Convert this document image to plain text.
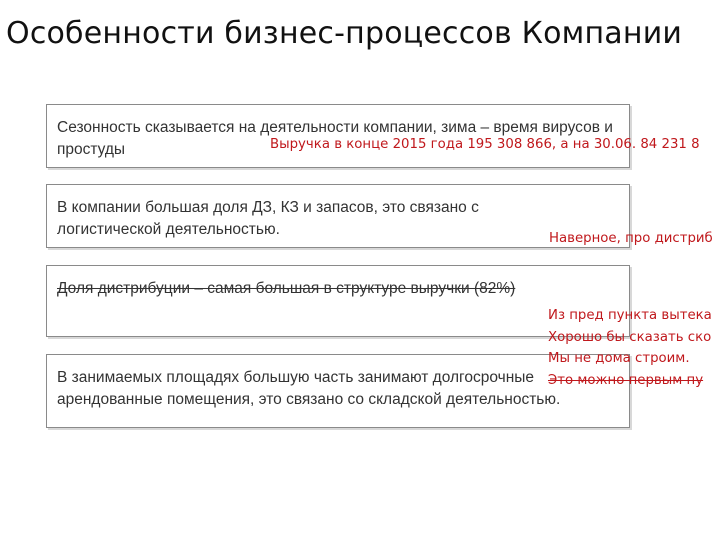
Особенности бизнес-процессов Компании
Сезонность сказывается на деятельности компании, зима – время вирусов и простуды
В компании большая доля ДЗ, КЗ и запасов, это связано с логистической деятельностью.
Доля дистрибуции – самая большая в структуре выручки (82%)
В занимаемых площадях большую часть занимают долгосрочные арендованные помещения, это связано со складской деятельностью.
Выручка в конце 2015 года 195 308 866, а на 30.06. 84 231 8
Наверное, про дистриб
Из пред пункта вытека
Хорошо бы сказать ско
Мы не дома строим.
Это можно первым пу
